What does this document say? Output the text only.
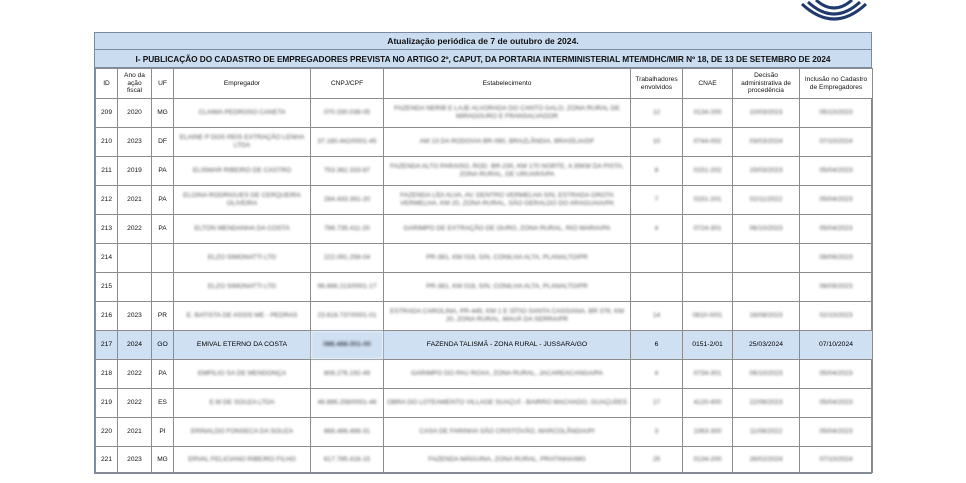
Atualização periódica de 7 de outubro de 2024.
I- PUBLICAÇÃO DO CADASTRO DE EMPREGADORES PREVISTA NO ARTIGO 2º, CAPUT, DA PORTARIA INTERMINISTERIAL MTE/MDHC/MIR Nº 18, DE 13 DE SETEMBRO DE 2024
ID	Ano da ação fiscal	UF	Empregador	CNPJ/CPF	Estabelecimento	Trabalhadores envolvidos	CNAE	Decisão administrativa de procedência	Inclusão no Cadastro de Empregadores
209	2020	MG	CLAIMA PEDROSO CANETA	070.330.038-05	FAZENDA NERIB E LAJE ALVORADA DO CANTO GALO, ZONA RURAL DE MIRADOURO E FRANSALVADOR	12	0134-200	10/03/2023	05/10/2023
210	2023	DF	ELAINE P DOS REIS EXTRAÇÃO LENHA LTDA	37.180.442/0001-45	AM 13 DA RODOVIA BR-060, BRAZLÂNDIA, BRASÍLIA/DF	10	0744-002	03/03/2024	07/10/2024
211	2019	PA	ELISMAR RIBEIRO DE CASTRO	753.362.333-87	FAZENDA ALTO PARAISO, ROD. BR-230, KM 170 NORTE, 4.35KM DA PISTA, ZONA RURAL, DE URUARÁ/PA	8	0151-202	15/03/2023	05/04/2023
212	2021	PA	ELOINA RODRIGUES DE CERQUEIRA OLIVEIRA	284.433.391-20	FAZENDA LÍDI ALVA, AV. DENTRO VERMELHA S/N, ESTRADA GROTA VERMELHA, KM 20, ZONA RURAL, SÃO GERALDO DO ARAGUAIA/PA	7	0151-201	02/11/2022	05/04/2023
213	2022	PA	ELTON MENDANHA DA COSTA	786.735.411-20	GARIMPO DE EXTRAÇÃO DE OURO, ZONA RURAL, RIO MARIA/PA	4	0724-301	06/10/2023	05/04/2023
214			ELZO SIMONATTI LTD	222.091.258-04	PR-381, KM 018, S/N, CONILHA ALTA, PLANALTO/PR				08/09/2023
215			ELZO SIMONATTI LTD	96.666.213/0001-17	PR-381, KM 018, S/N, CONILHA ALTA, PLANALTO/PR				08/09/2023
216	2023	PR	E. BATISTA DE ASSIS ME - PEDRAS	23.618.737/0001-01	ESTRADA CAROLINA, PR-445, KM 1 E SÍTIO SANTA CASSIANA, BR 376, KM 20, ZONA RURAL, MAUÁ DA SERRA/PR	14	0810-0/01	16/08/2023	02/10/2023
217	2024	GO	EMIVAL ETERNO DA COSTA	086.466.001-00	FAZENDA TALISMÃ - ZONA RURAL - JUSSARA/GO	6	0151-2/01	25/03/2024	07/10/2024
218	2022	PA	EMPILIO SA DE MENDONÇA	808.276.192-49	GARIMPO DO PAU ROXA, ZONA RURAL, JACAREACANGA/PA	4	0734-301	06/10/2023	05/04/2023
219	2022	ES	E.M DE SOUZA LTDA	46.886.258/0001-46	OBRA DO LOTEAMENTO VILLAGE SUAÇUÍ - BAIRRO MACHADO, GUAÇUÍ/ES	17	4120-400	22/06/2023	05/04/2023
220	2021	PI	ERINALDO FONSECA DA SOUZA	866.466.466-31	CASA DE FARINHA SÃO CRISTÓVÃO, MARCOLÂNDIA/PI	3	1063-300	11/08/2022	05/04/2023
221	2023	MG	ERVAL FELICIANO RIBEIRO FILHO	617.785.416-15	FAZENDA MÁGUINA, ZONA RURAL, PRATINHA/MG	25	0134-200	26/02/2024	07/10/2024
